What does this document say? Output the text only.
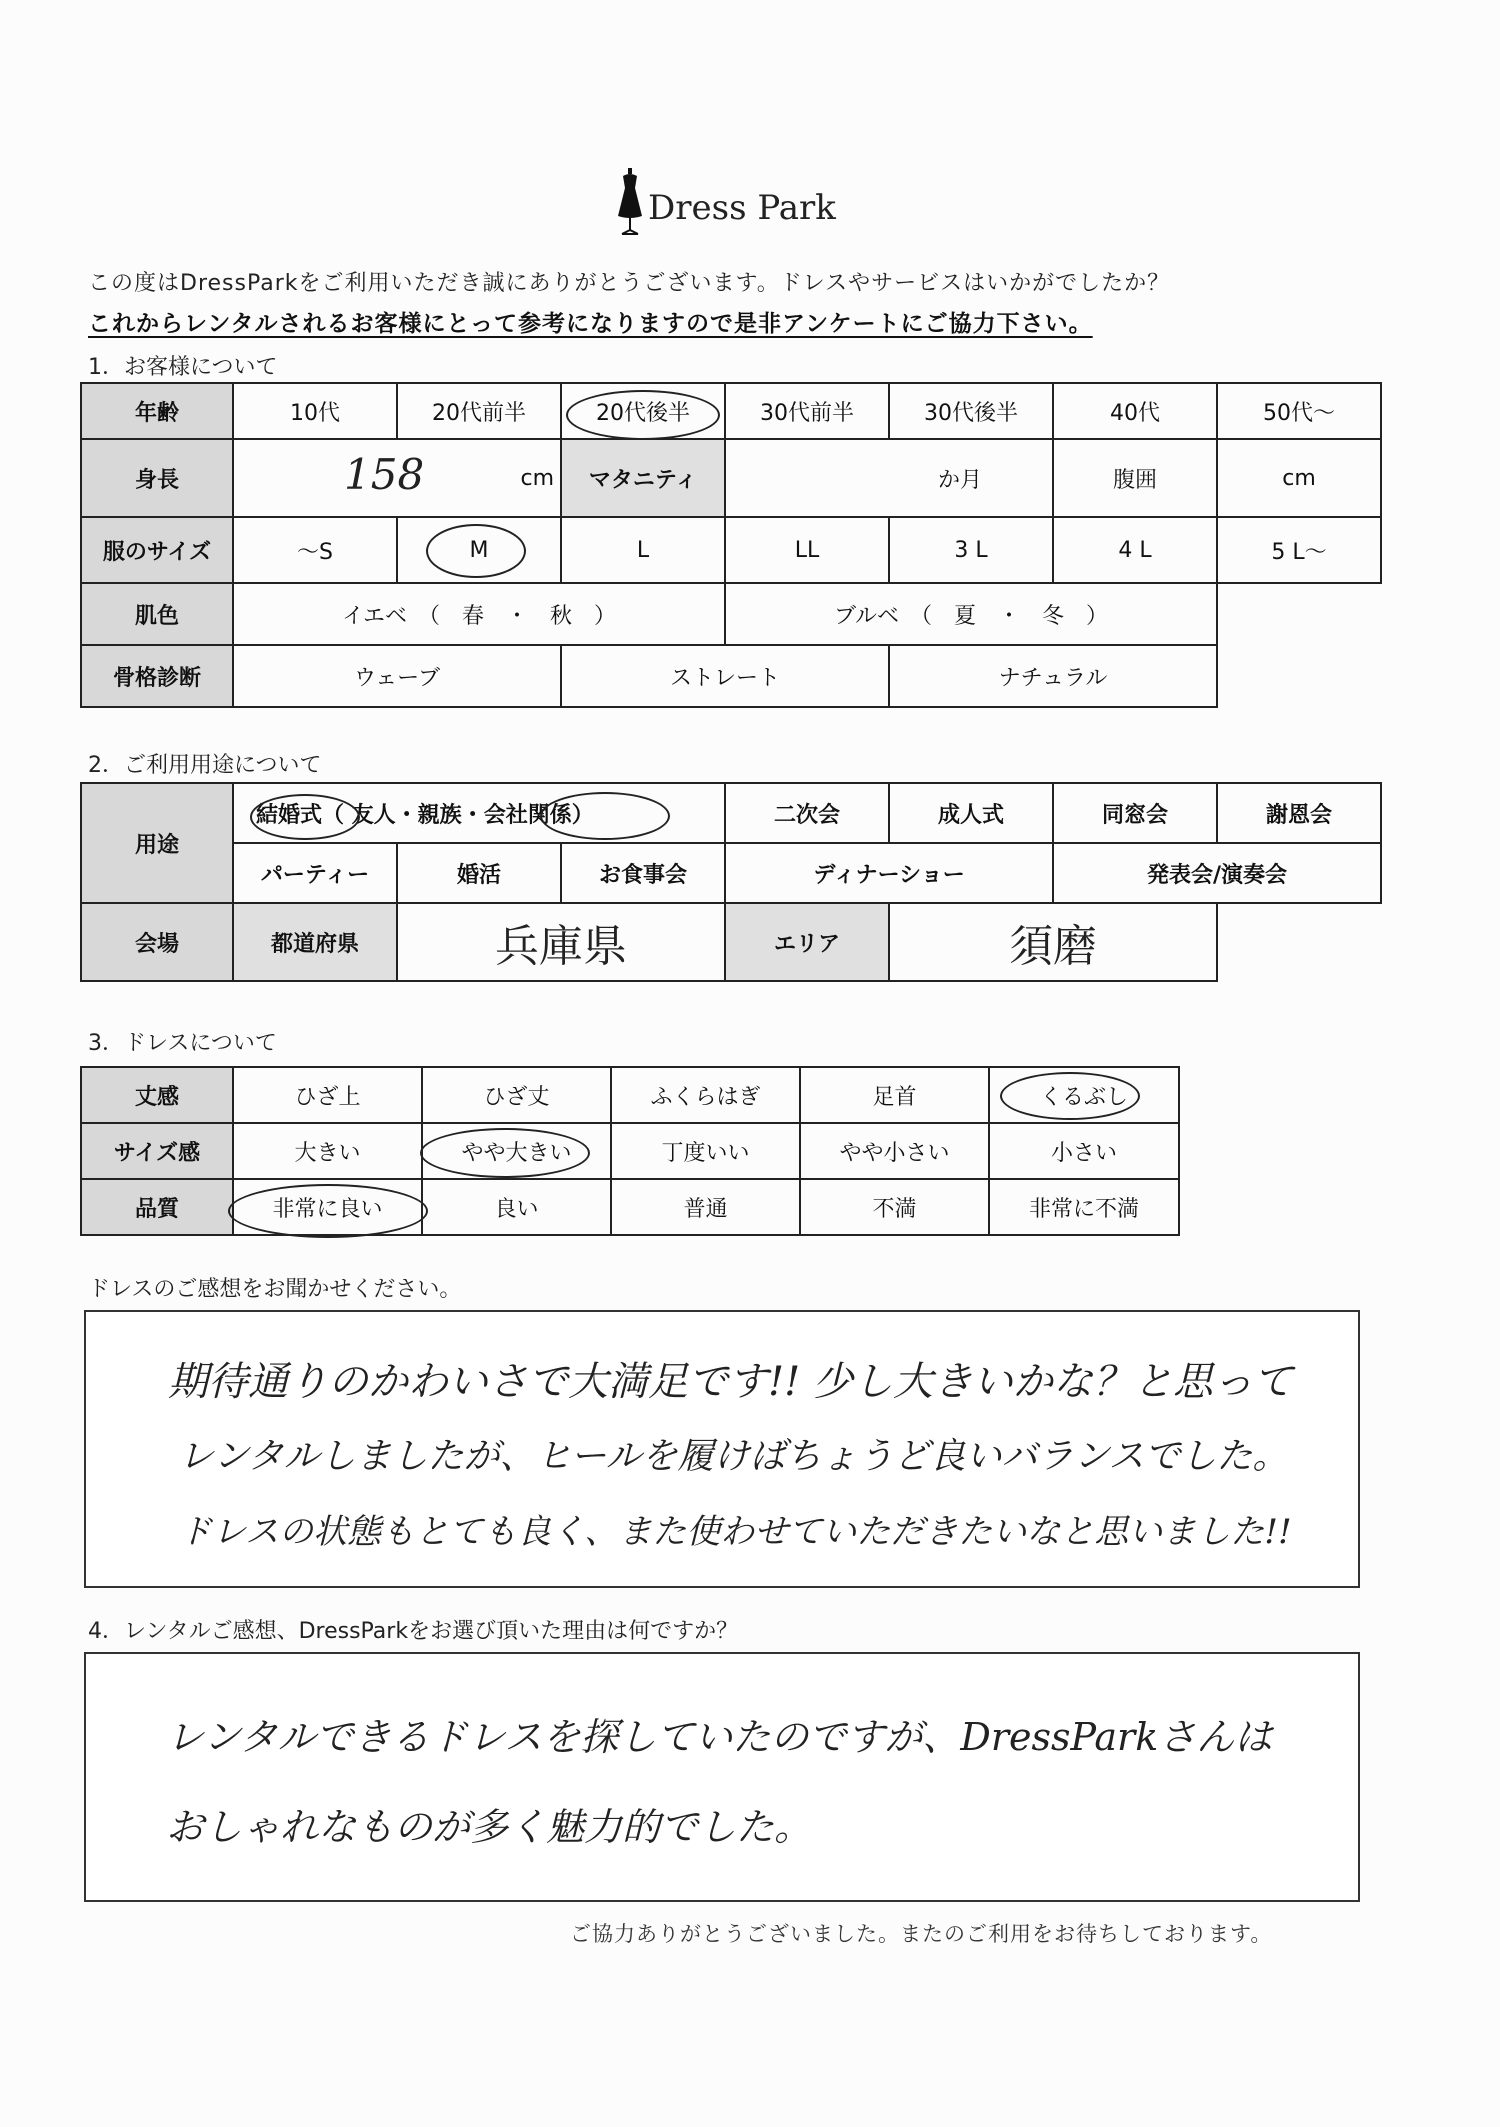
Dress Park
この度はDressParkをご利用いただき誠にありがとうございます。ドレスやサービスはいかがでしたか？
これからレンタルされるお客様にとって参考になりますので是非アンケートにご協力下さい。
1．お客様について
年齢	10代	20代前半	20代後半	30代前半	30代後半	40代	50代～
身長	158 cm		マタニティ	か月		腹囲	cm
服のサイズ	～S	M	L	LL	3 L	4 L	5 L～
肌色	イエベ　（　春　・　秋　）			ブルベ　（　夏　・　冬　）			
骨格診断	ウェーブ		ストレート		ナチュラル		
2．ご利用用途について
用途	結婚式（ 友人・親族・会社関係）			二次会	成人式	同窓会	謝恩会
	パーティー	婚活	お食事会	ディナーショー		発表会/演奏会	
会場	都道府県	兵庫県		エリア	須磨		
3．ドレスについて
丈感	ひざ上	ひざ丈	ふくらはぎ	足首	くるぶし
サイズ感	大きい	やや大きい	丁度いい	やや小さい	小さい
品質	非常に良い	良い	普通	不満	非常に不満
ドレスのご感想をお聞かせください。
期待通りのかわいさで大満足です!! 少し大きいかな？と思って
レンタルしましたが、ヒールを履けばちょうど良いバランスでした。
ドレスの状態もとても良く、また使わせていただきたいなと思いました!!
4．レンタルご感想、DressParkをお選び頂いた理由は何ですか？
レンタルできるドレスを探していたのですが、DressParkさんは
おしゃれなものが多く魅力的でした。
ご協力ありがとうございました。またのご利用をお待ちしております。
